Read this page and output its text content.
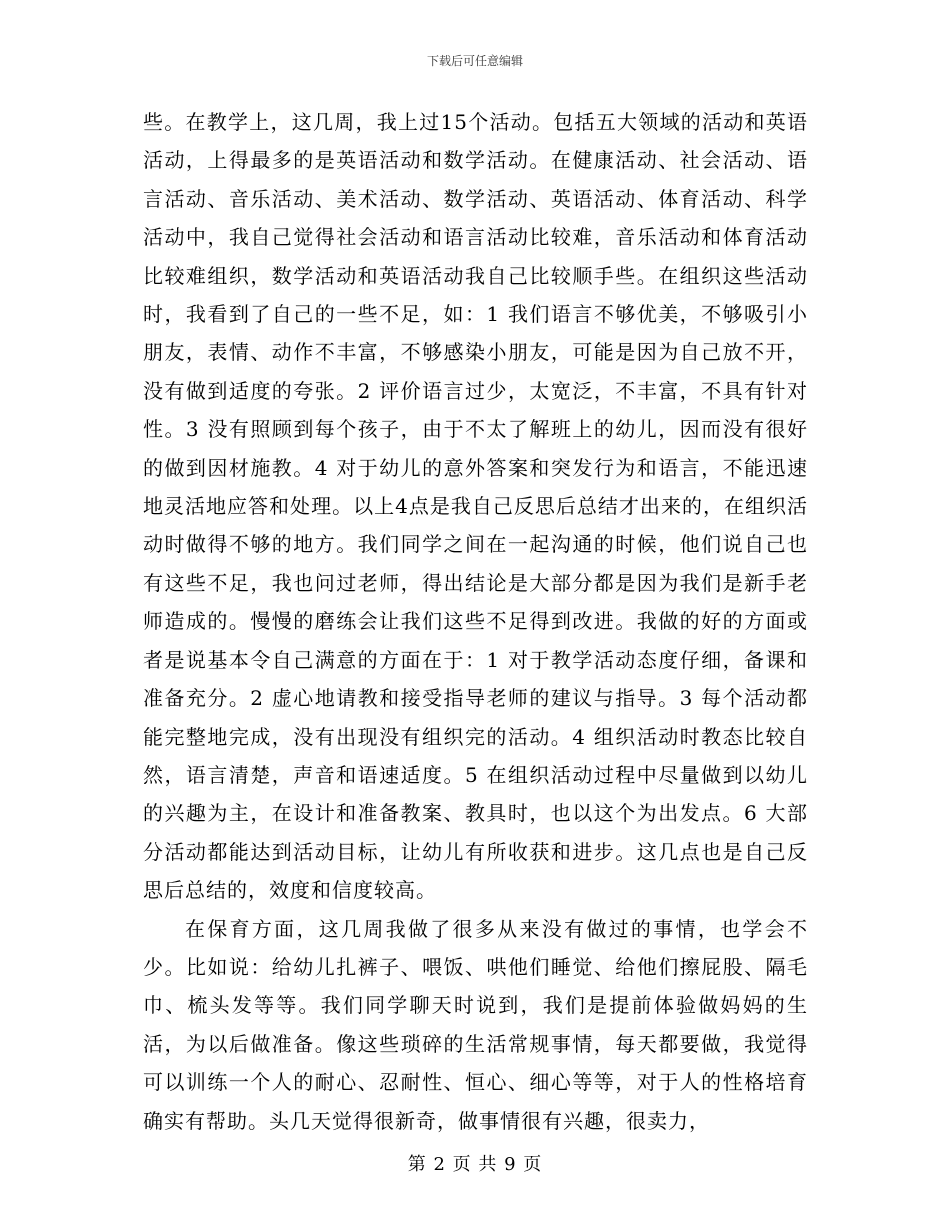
下载后可任意编辑

些。在教学上，这几周，我上过15个活动。包括五大领域的活动和英语活动，上得最多的是英语活动和数学活动。在健康活动、社会活动、语言活动、音乐活动、美术活动、数学活动、英语活动、体育活动、科学活动中，我自己觉得社会活动和语言活动比较难，音乐活动和体育活动比较难组织，数学活动和英语活动我自己比较顺手些。在组织这些活动时，我看到了自己的一些不足，如：1 我们语言不够优美，不够吸引小朋友，表情、动作不丰富，不够感染小朋友，可能是因为自己放不开，没有做到适度的夸张。2 评价语言过少，太宽泛，不丰富，不具有针对性。3 没有照顾到每个孩子，由于不太了解班上的幼儿，因而没有很好的做到因材施教。4 对于幼儿的意外答案和突发行为和语言，不能迅速地灵活地应答和处理。以上4点是我自己反思后总结才出来的，在组织活动时做得不够的地方。我们同学之间在一起沟通的时候，他们说自己也有这些不足，我也问过老师，得出结论是大部分都是因为我们是新手老师造成的。慢慢的磨练会让我们这些不足得到改进。我做的好的方面或者是说基本令自己满意的方面在于：1 对于教学活动态度仔细，备课和准备充分。2 虚心地请教和接受指导老师的建议与指导。3 每个活动都能完整地完成，没有出现没有组织完的活动。4 组织活动时教态比较自然，语言清楚，声音和语速适度。5 在组织活动过程中尽量做到以幼儿的兴趣为主，在设计和准备教案、教具时，也以这个为出发点。6 大部分活动都能达到活动目标，让幼儿有所收获和进步。这几点也是自己反思后总结的，效度和信度较高。

在保育方面，这几周我做了很多从来没有做过的事情，也学会不少。比如说：给幼儿扎裤子、喂饭、哄他们睡觉、给他们擦屁股、隔毛巾、梳头发等等。我们同学聊天时说到，我们是提前体验做妈妈的生活，为以后做准备。像这些琐碎的生活常规事情，每天都要做，我觉得可以训练一个人的耐心、忍耐性、恒心、细心等等，对于人的性格培育确实有帮助。头几天觉得很新奇，做事情很有兴趣，很卖力，

第 2 页 共 9 页
